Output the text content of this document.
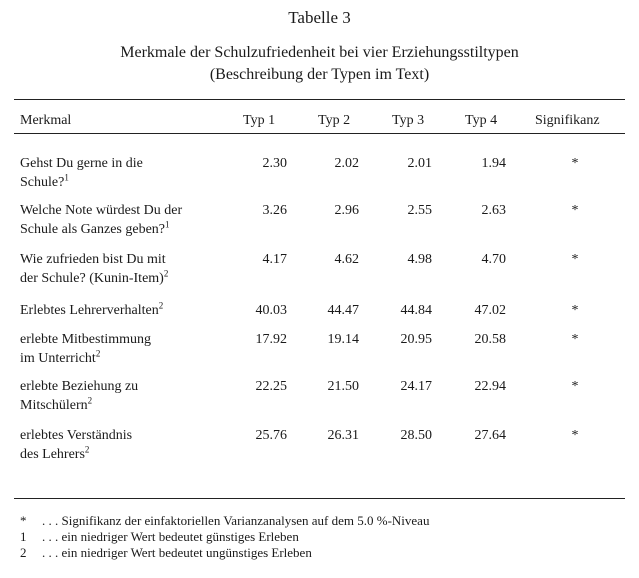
Tabelle 3
Merkmale der Schulzufriedenheit bei vier Erziehungsstiltypen
(Beschreibung der Typen im Text)
Merkmal	Typ 1	Typ 2	Typ 3	Typ 4	Signifikanz
Gehst Du gerne in die
Schule?$^1$
2.30	2.02	2.01	1.94	*
Welche Note würdest Du der
Schule als Ganzes geben?$^1$
3.26	2.96	2.55	2.63	*
Wie zufrieden bist Du mit
der Schule? (Kunin-Item)$^2$
4.17	4.62	4.98	4.70	*
Erlebtes Lehrerverhalten$^2$	40.03	44.47	44.84	47.02	*
erlebte Mitbestimmung
im Unterricht$^2$
17.92	19.14	20.95	20.58	*
erlebte Beziehung zu
Mitschülern$^2$
22.25	21.50	24.17	22.94	*
erlebtes Verständnis
des Lehrers$^2$
25.76	26.31	28.50	27.64	*
* . . . Signifikanz der einfaktoriellen Varianzanalysen auf dem 5.0 %-Niveau
1 . . . ein niedriger Wert bedeutet günstiges Erleben
2 . . . ein niedriger Wert bedeutet ungünstiges Erleben
